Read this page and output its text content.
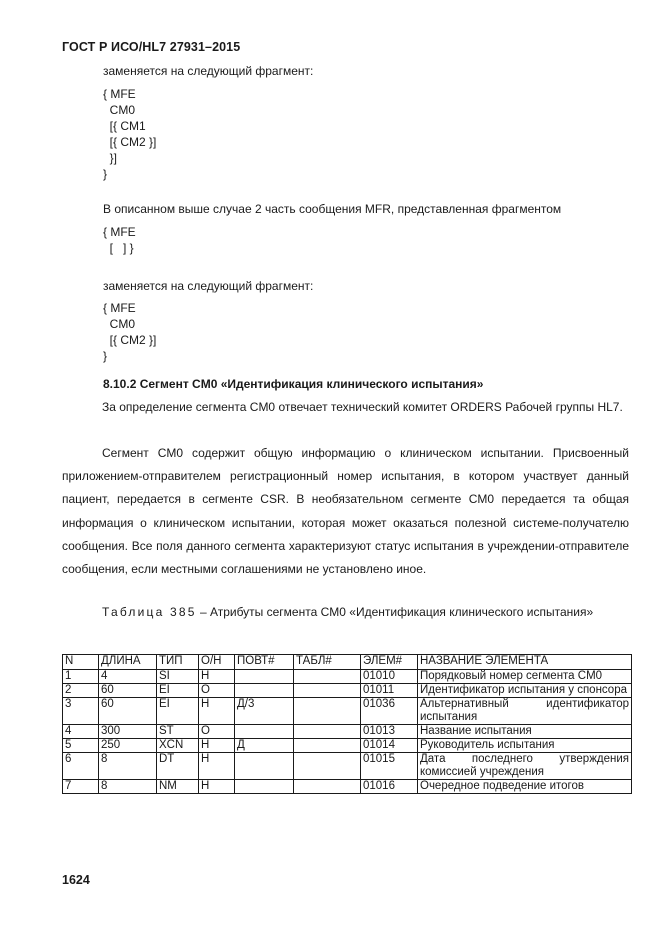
ГОСТ Р ИСО/HL7 27931–2015
заменяется на следующий фрагмент:
{ MFE
CM0
[{ CM1
[{ CM2 }]
}]
}
В описанном выше случае 2 часть сообщения MFR, представленная фрагментом
{ MFE
[   ] }
заменяется на следующий фрагмент:
{ MFE
CM0
[{ CM2 }]
}
8.10.2 Сегмент CM0 «Идентификация клинического испытания»
За определение сегмента CM0 отвечает технический комитет ORDERS Рабочей группы HL7.
Сегмент CM0 содержит общую информацию о клиническом испытании. Присвоенный приложением-отправителем регистрационный номер испытания, в котором участвует данный пациент, передается в сегменте CSR. В необязательном сегменте CM0 передается та общая информация о клиническом испытании, которая может оказаться полезной системе-получателю сообщения. Все поля данного сегмента характеризуют статус испытания в учреждении-отправителе сообщения, если местными соглашениями не установлено иное.
Таблица 385 – Атрибуты сегмента CM0 «Идентификация клинического испытания»
N	ДЛИНА	ТИП	О/Н	ПОВТ#	ТАБЛ#	ЭЛЕМ#	НАЗВАНИЕ ЭЛЕМЕНТА
1	4	SI	Н			01010	Порядковый номер сегмента CM0
2	60	EI	О			01011	Идентификатор испытания у спонсора
3	60	EI	Н	Д/3		01036	Альтернативный идентификатор испытания
4	300	ST	О			01013	Название испытания
5	250	XCN	Н	Д		01014	Руководитель испытания
6	8	DT	Н			01015	Дата последнего утверждения комиссией учреждения
7	8	NM	Н			01016	Очередное подведение итогов
1624
